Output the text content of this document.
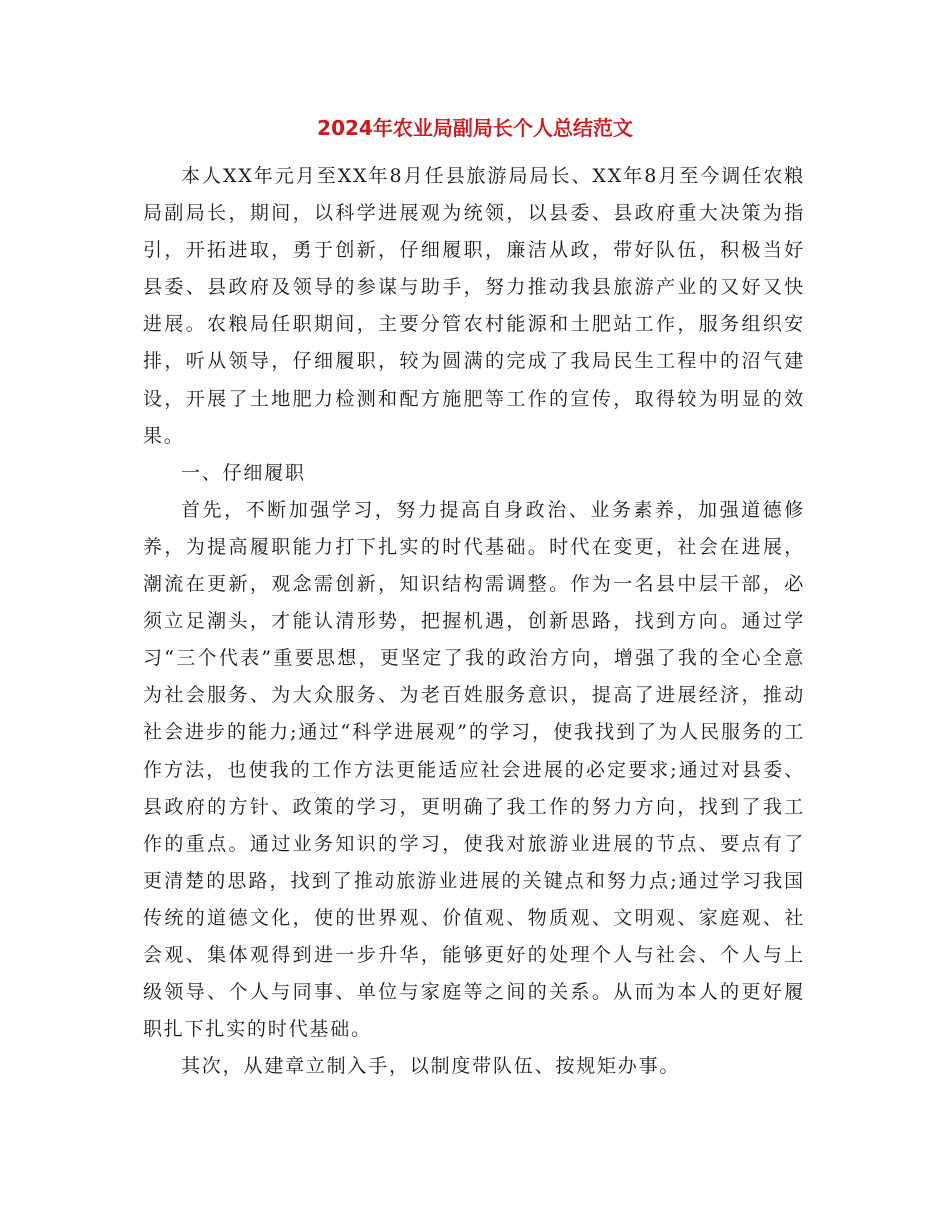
2024年农业局副局长个人总结范文

本人XX年元月至XX年8月任县旅游局局长、XX年8月至今调任农粮局副局长，期间，以科学进展观为统领，以县委、县政府重大决策为指引，开拓进取，勇于创新，仔细履职，廉洁从政，带好队伍，积极当好县委、县政府及领导的参谋与助手，努力推动我县旅游产业的又好又快进展。农粮局任职期间，主要分管农村能源和土肥站工作，服务组织安排，听从领导，仔细履职，较为圆满的完成了我局民生工程中的沼气建设，开展了土地肥力检测和配方施肥等工作的宣传，取得较为明显的效果。

一、仔细履职

首先，不断加强学习，努力提高自身政治、业务素养，加强道德修养，为提高履职能力打下扎实的时代基础。时代在变更，社会在进展，潮流在更新，观念需创新，知识结构需调整。作为一名县中层干部，必须立足潮头，才能认清形势，把握机遇，创新思路，找到方向。通过学习“三个代表”重要思想，更坚定了我的政治方向，增强了我的全心全意为社会服务、为大众服务、为老百姓服务意识，提高了进展经济，推动社会进步的能力;通过“科学进展观”的学习，使我找到了为人民服务的工作方法，也使我的工作方法更能适应社会进展的必定要求;通过对县委、县政府的方针、政策的学习，更明确了我工作的努力方向，找到了我工作的重点。通过业务知识的学习，使我对旅游业进展的节点、要点有了更清楚的思路，找到了推动旅游业进展的关键点和努力点;通过学习我国传统的道德文化，使的世界观、价值观、物质观、文明观、家庭观、社会观、集体观得到进一步升华，能够更好的处理个人与社会、个人与上级领导、个人与同事、单位与家庭等之间的关系。从而为本人的更好履职扎下扎实的时代基础。

其次，从建章立制入手，以制度带队伍、按规矩办事。
